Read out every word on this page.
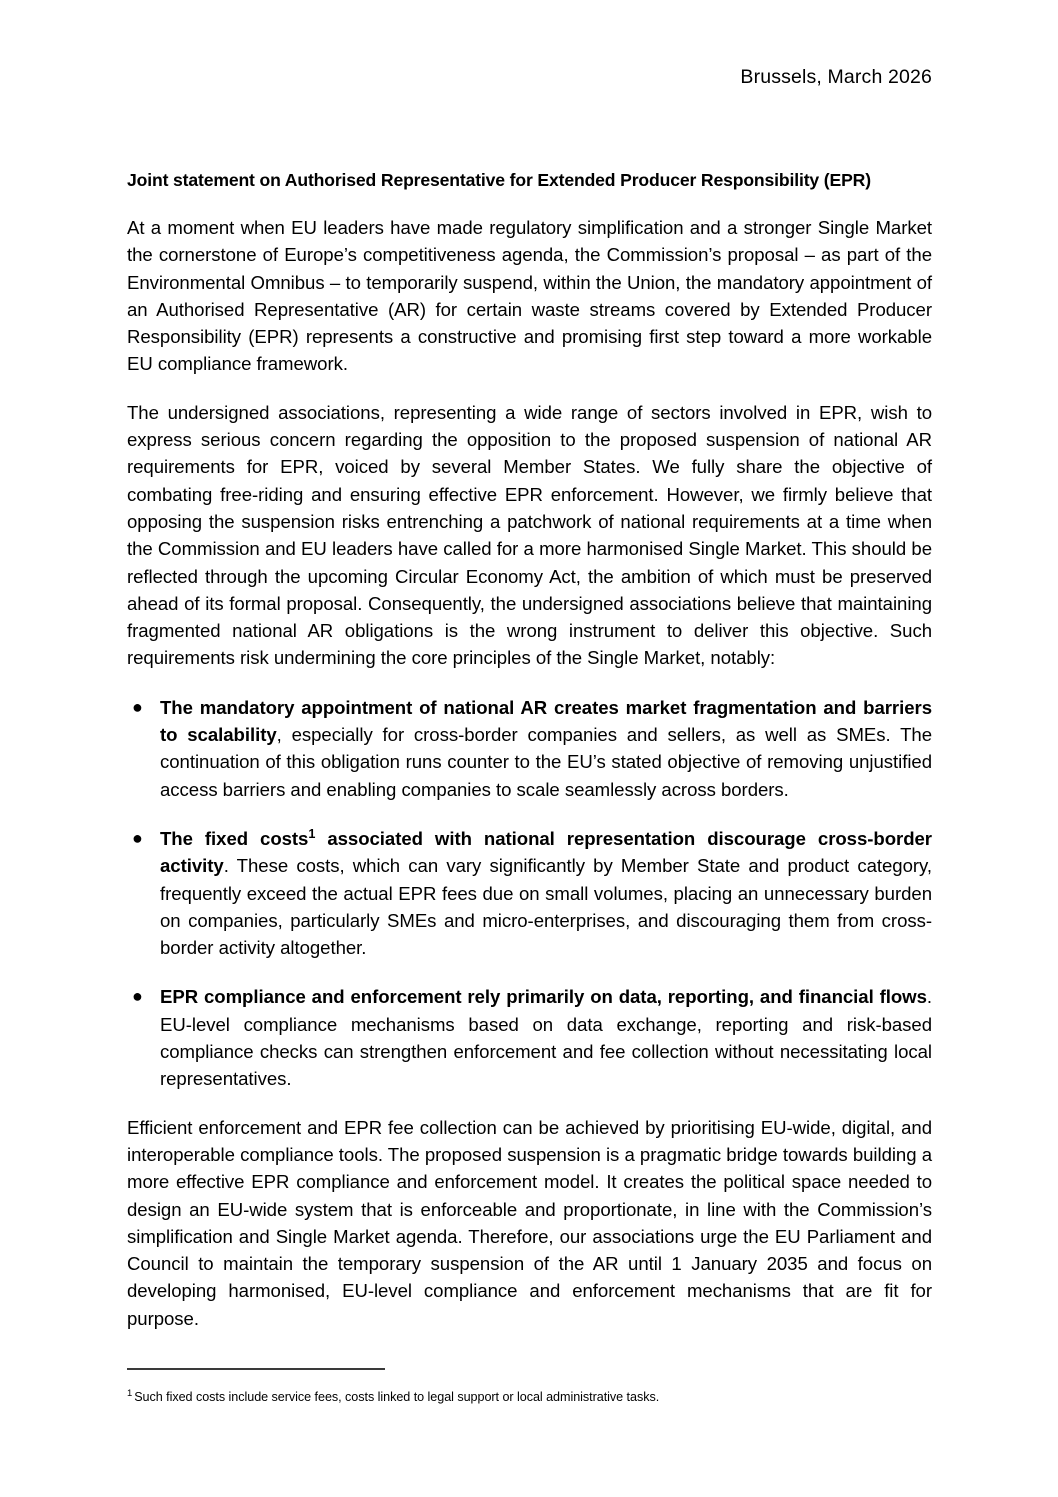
Brussels, March 2026
Joint statement on Authorised Representative for Extended Producer Responsibility (EPR)

At a moment when EU leaders have made regulatory simplification and a stronger Single Market the cornerstone of Europe’s competitiveness agenda, the Commission’s proposal – as part of the Environmental Omnibus – to temporarily suspend, within the Union, the mandatory appointment of an Authorised Representative (AR) for certain waste streams covered by Extended Producer Responsibility (EPR) represents a constructive and promising first step toward a more workable EU compliance framework.

The undersigned associations, representing a wide range of sectors involved in EPR, wish to express serious concern regarding the opposition to the proposed suspension of national AR requirements for EPR, voiced by several Member States. We fully share the objective of combating free-riding and ensuring effective EPR enforcement. However, we firmly believe that opposing the suspension risks entrenching a patchwork of national requirements at a time when the Commission and EU leaders have called for a more harmonised Single Market. This should be reflected through the upcoming Circular Economy Act, the ambition of which must be preserved ahead of its formal proposal. Consequently, the undersigned associations believe that maintaining fragmented national AR obligations is the wrong instrument to deliver this objective. Such requirements risk undermining the core principles of the Single Market, notably:

● The mandatory appointment of national AR creates market fragmentation and barriers to scalability, especially for cross-border companies and sellers, as well as SMEs. The continuation of this obligation runs counter to the EU’s stated objective of removing unjustified access barriers and enabling companies to scale seamlessly across borders.
● The fixed costs$^1$ associated with national representation discourage cross-border activity. These costs, which can vary significantly by Member State and product category, frequently exceed the actual EPR fees due on small volumes, placing an unnecessary burden on companies, particularly SMEs and micro-enterprises, and discouraging them from cross-border activity altogether.
● EPR compliance and enforcement rely primarily on data, reporting, and financial flows. EU-level compliance mechanisms based on data exchange, reporting and risk-based compliance checks can strengthen enforcement and fee collection without necessitating local representatives.

Efficient enforcement and EPR fee collection can be achieved by prioritising EU-wide, digital, and interoperable compliance tools. The proposed suspension is a pragmatic bridge towards building a more effective EPR compliance and enforcement model. It creates the political space needed to design an EU-wide system that is enforceable and proportionate, in line with the Commission’s simplification and Single Market agenda. Therefore, our associations urge the EU Parliament and Council to maintain the temporary suspension of the AR until 1 January 2035 and focus on developing harmonised, EU-level compliance and enforcement mechanisms that are fit for purpose.

$^1$ Such fixed costs include service fees, costs linked to legal support or local administrative tasks.
